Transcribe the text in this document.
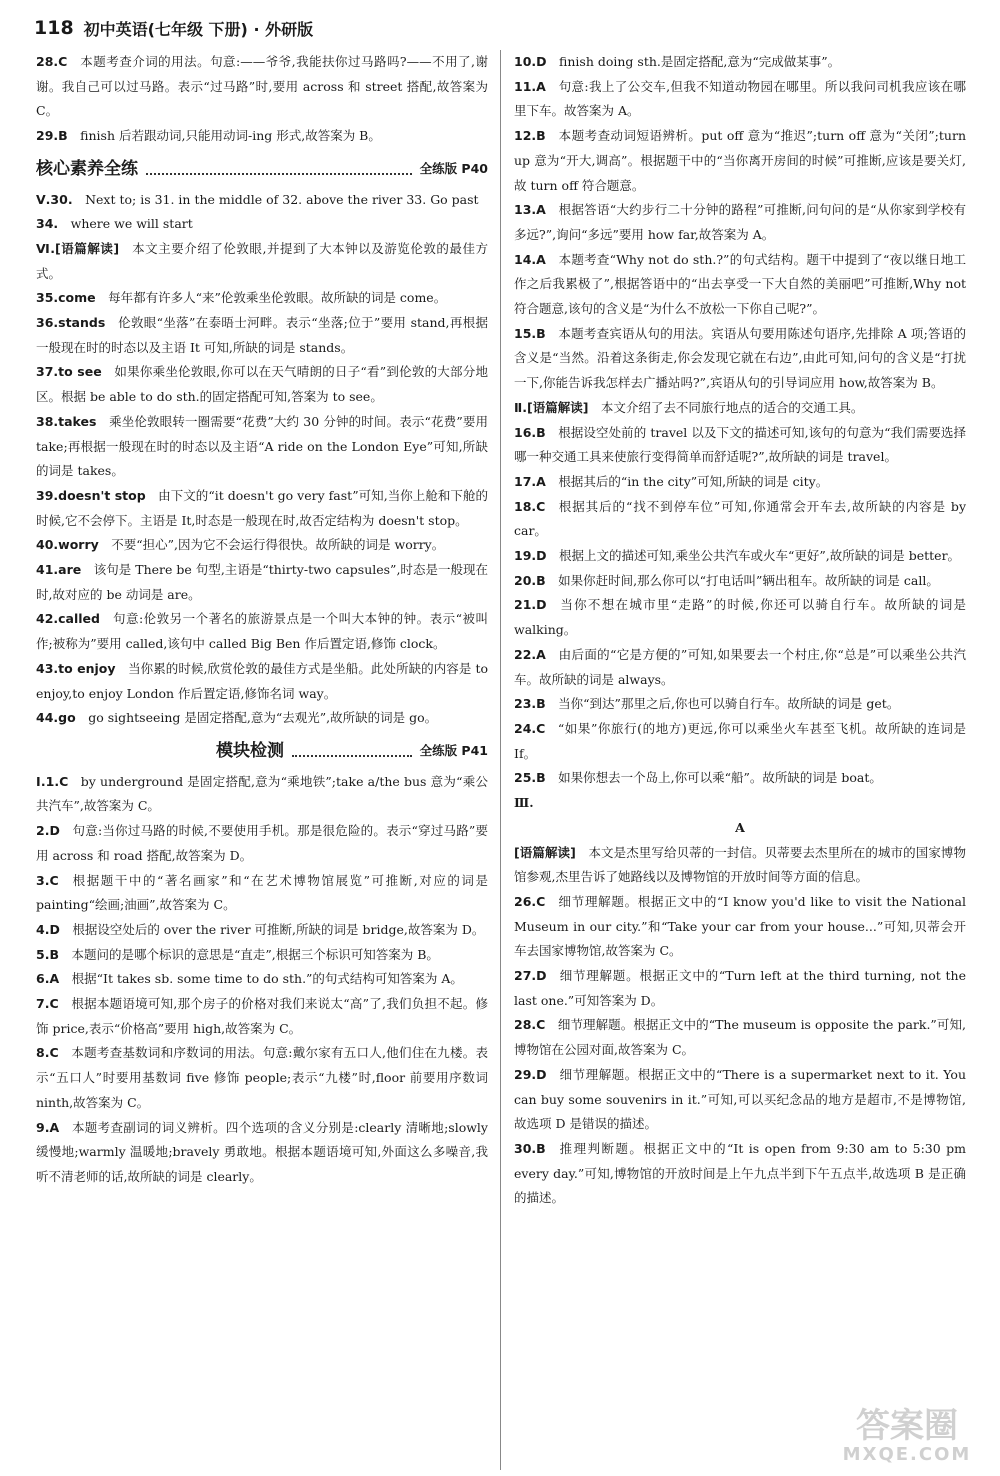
118 初中英语(七年级 下册) · 外研版

28.C  本题考查介词的用法。句意:——爷爷,我能扶你过马路吗?——不用了,谢谢。我自己可以过马路。表示“过马路”时,要用 across 和 street 搭配,故答案为 C。

29.B  finish 后若跟动词,只能用动词-ing 形式,故答案为 B。

核心素养全练	全练版 P40

Ⅴ.30.  Next to; is 31. in the middle of 32. above the river 33. Go past

34.  where we will start

Ⅵ.[语篇解读]  本文主要介绍了伦敦眼,并提到了大本钟以及游览伦敦的最佳方式。

35.come  每年都有许多人“来”伦敦乘坐伦敦眼。故所缺的词是 come。

36.stands  伦敦眼“坐落”在泰晤士河畔。表示“坐落;位于”要用 stand,再根据一般现在时的时态以及主语 It 可知,所缺的词是 stands。

37.to see  如果你乘坐伦敦眼,你可以在天气晴朗的日子“看”到伦敦的大部分地区。根据 be able to do sth.的固定搭配可知,答案为 to see。

38.takes  乘坐伦敦眼转一圈需要“花费”大约 30 分钟的时间。表示“花费”要用 take;再根据一般现在时的时态以及主语“A ride on the London Eye”可知,所缺的词是 takes。

39.doesn't stop  由下文的“it doesn't go very fast”可知,当你上舱和下舱的时候,它不会停下。主语是 It,时态是一般现在时,故否定结构为 doesn't stop。

40.worry  不要“担心”,因为它不会运行得很快。故所缺的词是 worry。

41.are  该句是 There be 句型,主语是“thirty-two capsules”,时态是一般现在时,故对应的 be 动词是 are。

42.called  句意:伦敦另一个著名的旅游景点是一个叫大本钟的钟。表示“被叫作;被称为”要用 called,该句中 called Big Ben 作后置定语,修饰 clock。

43.to enjoy  当你累的时候,欣赏伦敦的最佳方式是坐船。此处所缺的内容是 to enjoy,to enjoy London 作后置定语,修饰名词 way。

44.go  go sightseeing 是固定搭配,意为“去观光”,故所缺的词是 go。

模块检测	全练版 P41

Ⅰ.1.C  by underground 是固定搭配,意为“乘地铁”;take a/the bus 意为“乘公共汽车”,故答案为 C。

2.D  句意:当你过马路的时候,不要使用手机。那是很危险的。表示“穿过马路”要用 across 和 road 搭配,故答案为 D。

3.C  根据题干中的“著名画家”和“在艺术博物馆展览”可推断,对应的词是 painting“绘画;油画”,故答案为 C。

4.D  根据设空处后的 over the river 可推断,所缺的词是 bridge,故答案为 D。

5.B  本题问的是哪个标识的意思是“直走”,根据三个标识可知答案为 B。

6.A  根据“It takes sb. some time to do sth.”的句式结构可知答案为 A。

7.C  根据本题语境可知,那个房子的价格对我们来说太“高”了,我们负担不起。修饰 price,表示“价格高”要用 high,故答案为 C。

8.C  本题考查基数词和序数词的用法。句意:戴尔家有五口人,他们住在九楼。表示“五口人”时要用基数词 five 修饰 people;表示“九楼”时,floor 前要用序数词 ninth,故答案为 C。

9.A  本题考查副词的词义辨析。四个选项的含义分别是:clearly 清晰地;slowly 缓慢地;warmly 温暖地;bravely 勇敢地。根据本题语境可知,外面这么多噪音,我听不清老师的话,故所缺的词是 clearly。

10.D  finish doing sth.是固定搭配,意为“完成做某事”。

11.A  句意:我上了公交车,但我不知道动物园在哪里。所以我问司机我应该在哪里下车。故答案为 A。

12.B  本题考查动词短语辨析。put off 意为“推迟”;turn off 意为“关闭”;turn up 意为“开大,调高”。根据题干中的“当你离开房间的时候”可推断,应该是要关灯,故 turn off 符合题意。

13.A  根据答语“大约步行二十分钟的路程”可推断,问句问的是“从你家到学校有多远?”,询问“多远”要用 how far,故答案为 A。

14.A  本题考查“Why not do sth.?”的句式结构。题干中提到了“夜以继日地工作之后我累极了”,根据答语中的“出去享受一下大自然的美丽吧”可推断,Why not 符合题意,该句的含义是“为什么不放松一下你自己呢?”。

15.B  本题考查宾语从句的用法。宾语从句要用陈述句语序,先排除 A 项;答语的含义是“当然。沿着这条街走,你会发现它就在右边”,由此可知,问句的含义是“打扰一下,你能告诉我怎样去广播站吗?”,宾语从句的引导词应用 how,故答案为 B。

Ⅱ.[语篇解读]  本文介绍了去不同旅行地点的适合的交通工具。

16.B  根据设空处前的 travel 以及下文的描述可知,该句的句意为“我们需要选择哪一种交通工具来使旅行变得简单而舒适呢?”,故所缺的词是 travel。

17.A  根据其后的“in the city”可知,所缺的词是 city。

18.C  根据其后的“找不到停车位”可知,你通常会开车去,故所缺的内容是 by car。

19.D  根据上文的描述可知,乘坐公共汽车或火车“更好”,故所缺的词是 better。

20.B  如果你赶时间,那么你可以“打电话叫”辆出租车。故所缺的词是 call。

21.D  当你不想在城市里“走路”的时候,你还可以骑自行车。故所缺的词是 walking。

22.A  由后面的“它是方便的”可知,如果要去一个村庄,你“总是”可以乘坐公共汽车。故所缺的词是 always。

23.B  当你“到达”那里之后,你也可以骑自行车。故所缺的词是 get。

24.C  “如果”你旅行(的地方)更远,你可以乘坐火车甚至飞机。故所缺的连词是 If。

25.B  如果你想去一个岛上,你可以乘“船”。故所缺的词是 boat。

Ⅲ.

A

[语篇解读]  本文是杰里写给贝蒂的一封信。贝蒂要去杰里所在的城市的国家博物馆参观,杰里告诉了她路线以及博物馆的开放时间等方面的信息。

26.C  细节理解题。根据正文中的“I know you'd like to visit the National Museum in our city.”和“Take your car from your house...”可知,贝蒂会开车去国家博物馆,故答案为 C。

27.D  细节理解题。根据正文中的“Turn left at the third turning, not the last one.”可知答案为 D。

28.C  细节理解题。根据正文中的“The museum is opposite the park.”可知,博物馆在公园对面,故答案为 C。

29.D  细节理解题。根据正文中的“There is a supermarket next to it. You can buy some souvenirs in it.”可知,可以买纪念品的地方是超市,不是博物馆,故选项 D 是错误的描述。

30.B  推理判断题。根据正文中的“It is open from 9:30 am to 5:30 pm every day.”可知,博物馆的开放时间是上午九点半到下午五点半,故选项 B 是正确的描述。

答案圈
MXQE.COM
